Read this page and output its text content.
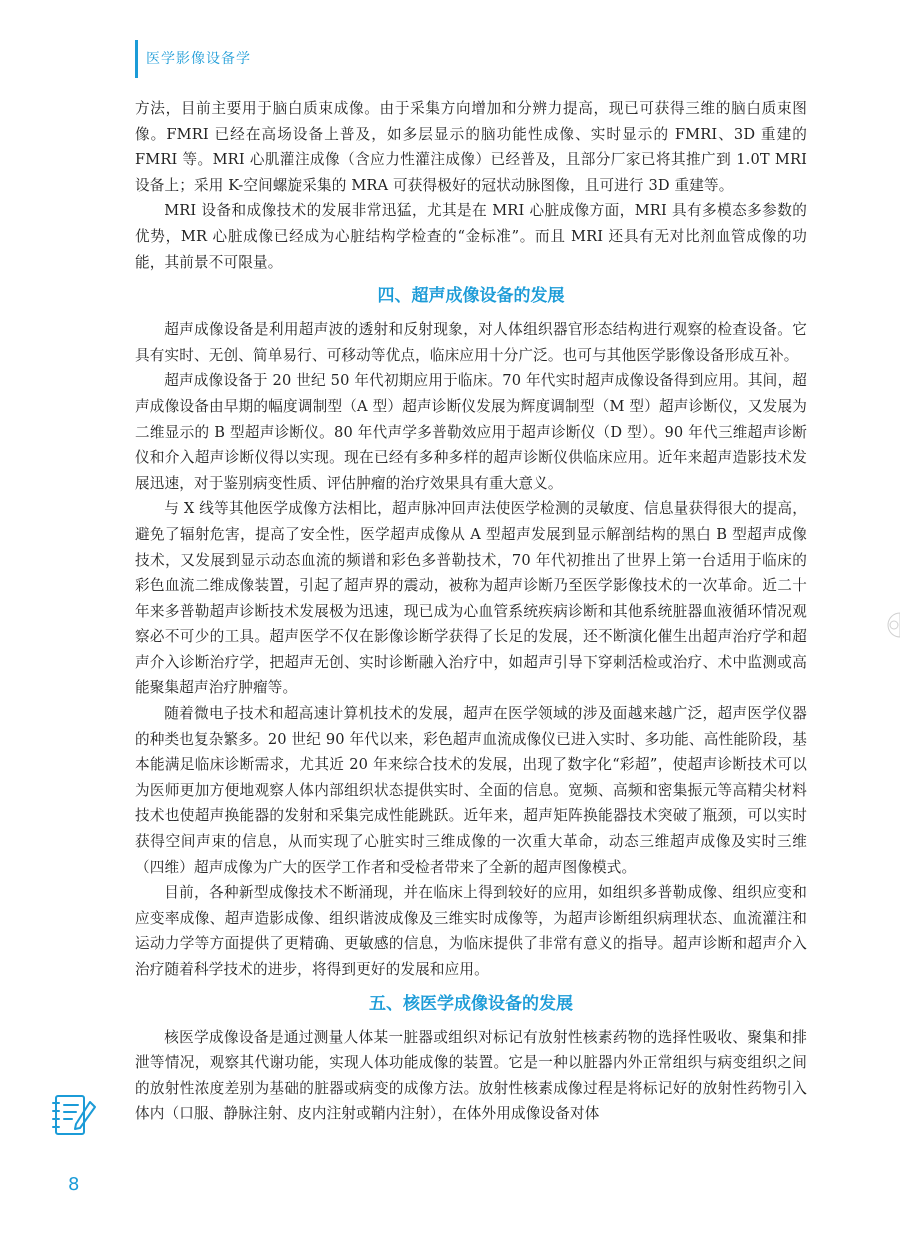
医学影像设备学

方法，目前主要用于脑白质束成像。由于采集方向增加和分辨力提高，现已可获得三维的脑白质束图像。FMRI 已经在高场设备上普及，如多层显示的脑功能性成像、实时显示的 FMRI、3D 重建的 FMRI 等。MRI 心肌灌注成像（含应力性灌注成像）已经普及，且部分厂家已将其推广到 1.0T MRI 设备上；采用 K-空间螺旋采集的 MRA 可获得极好的冠状动脉图像，且可进行 3D 重建等。

MRI 设备和成像技术的发展非常迅猛，尤其是在 MRI 心脏成像方面，MRI 具有多模态多参数的优势，MR 心脏成像已经成为心脏结构学检查的“金标准”。而且 MRI 还具有无对比剂血管成像的功能，其前景不可限量。

四、超声成像设备的发展

超声成像设备是利用超声波的透射和反射现象，对人体组织器官形态结构进行观察的检查设备。它具有实时、无创、简单易行、可移动等优点，临床应用十分广泛。也可与其他医学影像设备形成互补。

超声成像设备于 20 世纪 50 年代初期应用于临床。70 年代实时超声成像设备得到应用。其间，超声成像设备由早期的幅度调制型（A 型）超声诊断仪发展为辉度调制型（M 型）超声诊断仪，又发展为二维显示的 B 型超声诊断仪。80 年代声学多普勒效应用于超声诊断仪（D 型）。90 年代三维超声诊断仪和介入超声诊断仪得以实现。现在已经有多种多样的超声诊断仪供临床应用。近年来超声造影技术发展迅速，对于鉴别病变性质、评估肿瘤的治疗效果具有重大意义。

与 X 线等其他医学成像方法相比，超声脉冲回声法使医学检测的灵敏度、信息量获得很大的提高，避免了辐射危害，提高了安全性，医学超声成像从 A 型超声发展到显示解剖结构的黑白 B 型超声成像技术，又发展到显示动态血流的频谱和彩色多普勒技术，70 年代初推出了世界上第一台适用于临床的彩色血流二维成像装置，引起了超声界的震动，被称为超声诊断乃至医学影像技术的一次革命。近二十年来多普勒超声诊断技术发展极为迅速，现已成为心血管系统疾病诊断和其他系统脏器血液循环情况观察必不可少的工具。超声医学不仅在影像诊断学获得了长足的发展，还不断演化催生出超声治疗学和超声介入诊断治疗学，把超声无创、实时诊断融入治疗中，如超声引导下穿刺活检或治疗、术中监测或高能聚集超声治疗肿瘤等。

随着微电子技术和超高速计算机技术的发展，超声在医学领域的涉及面越来越广泛，超声医学仪器的种类也复杂繁多。20 世纪 90 年代以来，彩色超声血流成像仪已进入实时、多功能、高性能阶段，基本能满足临床诊断需求，尤其近 20 年来综合技术的发展，出现了数字化“彩超”，使超声诊断技术可以为医师更加方便地观察人体内部组织状态提供实时、全面的信息。宽频、高频和密集振元等高精尖材料技术也使超声换能器的发射和采集完成性能跳跃。近年来，超声矩阵换能器技术突破了瓶颈，可以实时获得空间声束的信息，从而实现了心脏实时三维成像的一次重大革命，动态三维超声成像及实时三维（四维）超声成像为广大的医学工作者和受检者带来了全新的超声图像模式。

目前，各种新型成像技术不断涌现，并在临床上得到较好的应用，如组织多普勒成像、组织应变和应变率成像、超声造影成像、组织谐波成像及三维实时成像等，为超声诊断组织病理状态、血流灌注和运动力学等方面提供了更精确、更敏感的信息，为临床提供了非常有意义的指导。超声诊断和超声介入治疗随着科学技术的进步，将得到更好的发展和应用。

五、核医学成像设备的发展

核医学成像设备是通过测量人体某一脏器或组织对标记有放射性核素药物的选择性吸收、聚集和排泄等情况，观察其代谢功能，实现人体功能成像的装置。它是一种以脏器内外正常组织与病变组织之间的放射性浓度差别为基础的脏器或病变的成像方法。放射性核素成像过程是将标记好的放射性药物引入体内（口服、静脉注射、皮内注射或鞘内注射），在体外用成像设备对体

8
